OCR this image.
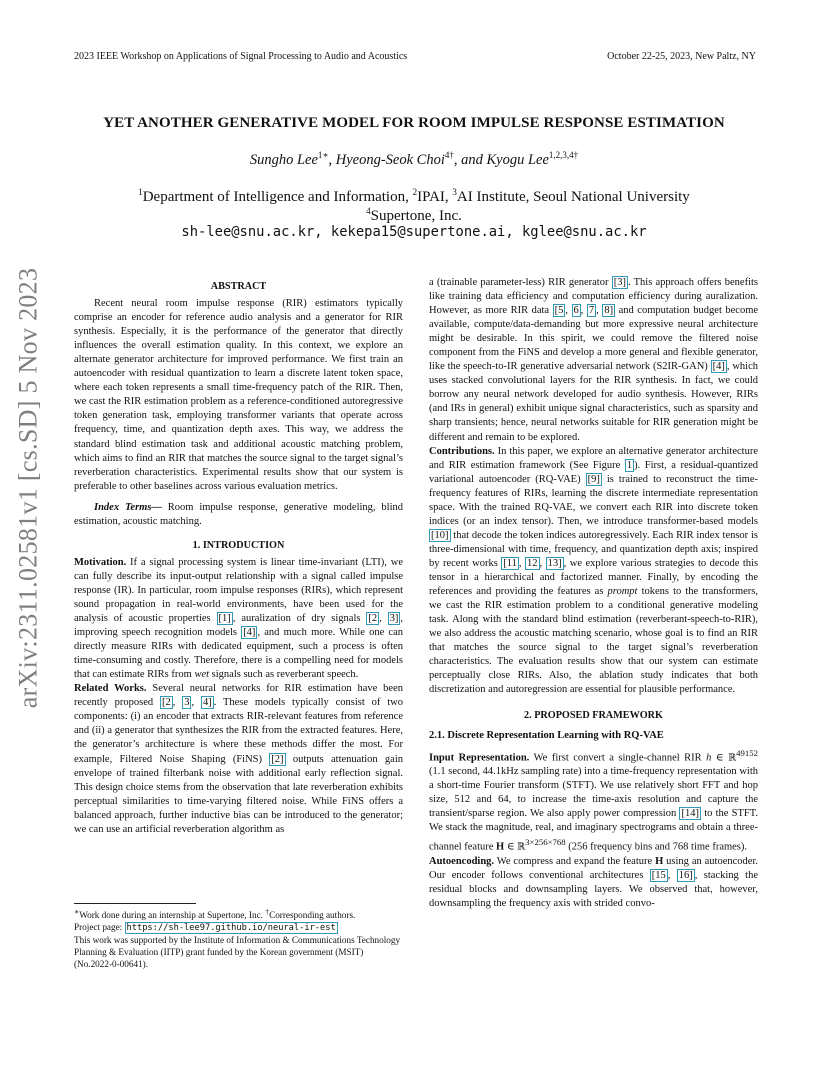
2023 IEEE Workshop on Applications of Signal Processing to Audio and Acoustics	October 22-25, 2023, New Paltz, NY
arXiv:2311.02581v1 [cs.SD] 5 Nov 2023
YET ANOTHER GENERATIVE MODEL FOR ROOM IMPULSE RESPONSE ESTIMATION
Sungho Lee$^{1∗}$, Hyeong-Seok Choi$^{4\dagger}$, and Kyogu Lee$^{1,2,3,4\dagger}$
$^1$Department of Intelligence and Information, $^2$IPAI, $^3$AI Institute, Seoul National University
$^4$Supertone, Inc.
sh-lee@snu.ac.kr, kekepa15@supertone.ai, kglee@snu.ac.kr
ABSTRACT

Recent neural room impulse response (RIR) estimators typically comprise an encoder for reference audio analysis and a generator for RIR synthesis. Especially, it is the performance of the generator that directly influences the overall estimation quality. In this context, we explore an alternate generator architecture for improved performance. We first train an autoencoder with residual quantization to learn a discrete latent token space, where each token represents a small time-frequency patch of the RIR. Then, we cast the RIR estimation problem as a reference-conditioned autoregressive token generation task, employing transformer variants that operate across frequency, time, and quantization depth axes. This way, we address the standard blind estimation task and additional acoustic matching problem, which aims to find an RIR that matches the source signal to the target signal’s reverberation characteristics. Experimental results show that our system is preferable to other baselines across various evaluation metrics.

Index Terms— Room impulse response, generative modeling, blind estimation, acoustic matching.

1. INTRODUCTION

Motivation. If a signal processing system is linear time-invariant (LTI), we can fully describe its input-output relationship with a signal called impulse response (IR). In particular, room impulse responses (RIRs), which represent sound propagation in real-world environments, have been used for the analysis of acoustic properties [1] , auralization of dry signals [2 , 3] , improving speech recognition models [4] , and much more. While one can directly measure RIRs with dedicated equipment, such a process is often time-consuming and costly. Therefore, there is a compelling need for models that can estimate RIRs from wet signals such as reverberant speech.

Related Works. Several neural networks for RIR estimation have been recently proposed [2 , 3 , 4] . These models typically consist of two components: (i) an encoder that extracts RIR-relevant features from reference and (ii) a generator that synthesizes the RIR from the extracted features. Here, the generator’s architecture is where these methods differ the most. For example, Filtered Noise Shaping (FiNS) [2] outputs attenuation gain envelope of trained filterbank noise with additional early reflection signal. This design choice stems from the observation that late reverberation exhibits perceptual similarities to time-varying filtered noise. While FiNS offers a balanced approach, further inductive bias can be introduced to the generator; we can use an artificial reverberation algorithm as

∗Work done during an internship at Supertone, Inc. †Corresponding authors.

Project page: https://sh-lee97.github.io/neural-ir-est

This work was supported by the Institute of Information & Communications Technology Planning & Evaluation (IITP) grant funded by the Korean government (MSIT) (No.2022-0-00641).

a (trainable parameter-less) RIR generator [3] . This approach offers benefits like training data efficiency and computation efficiency during auralization. However, as more RIR data [5 , 6 , 7 , 8] and computation budget become available, compute/data-demanding but more expressive neural architecture might be desirable. In this spirit, we could remove the filtered noise component from the FiNS and develop a more general and flexible generator, like the speech-to-IR generative adversarial network (S2IR-GAN) [4] , which uses stacked convolutional layers for the RIR synthesis. In fact, we could borrow any neural network developed for audio synthesis. However, RIRs (and IRs in general) exhibit unique signal characteristics, such as sparsity and sharp transients; hence, neural networks suitable for RIR generation might be different and remain to be explored.

Contributions. In this paper, we explore an alternative generator architecture and RIR estimation framework (See Figure 1 ). First, a residual-quantized variational autoencoder (RQ-VAE) [9] is trained to reconstruct the time-frequency features of RIRs, learning the discrete intermediate representation space. With the trained RQ-VAE, we convert each RIR into discrete token indices (or an index tensor). Then, we introduce transformer-based models [10] that decode the token indices autoregressively. Each RIR index tensor is three-dimensional with time, frequency, and quantization depth axis; inspired by recent works [11 , 12 , 13] , we explore various strategies to decode this tensor in a hierarchical and factorized manner. Finally, by encoding the references and providing the features as prompt tokens to the transformers, we cast the RIR estimation problem to a conditional generative modeling task. Along with the standard blind estimation (reverberant-speech-to-RIR), we also address the acoustic matching scenario, whose goal is to find an RIR that matches the source signal to the target signal’s reverberation characteristics. The evaluation results show that our system can estimate perceptually close RIRs. Also, the ablation study indicates that both discretization and autoregression are essential for plausible performance.

2. PROPOSED FRAMEWORK
2.1. Discrete Representation Learning with RQ-VAE

Input Representation. We first convert a single-channel RIR h ∈ ℝ$^{49152}$ (1.1 second, 44.1kHz sampling rate) into a time-frequency representation with a short-time Fourier transform (STFT). We use relatively short FFT and hop size, 512 and 64, to increase the time-axis resolution and capture the transient/sparse region. We also apply power compression [14] to the STFT. We stack the magnitude, real, and imaginary spectrograms and obtain a three-channel feature H ∈ ℝ$^{3\times 256\times 768}$ (256 frequency bins and 768 time frames).

Autoencoding. We compress and expand the feature H using an autoencoder. Our encoder follows conventional architectures [15 , 16] , stacking the residual blocks and downsampling layers. We observed that, however, downsampling the frequency axis with strided convo-
